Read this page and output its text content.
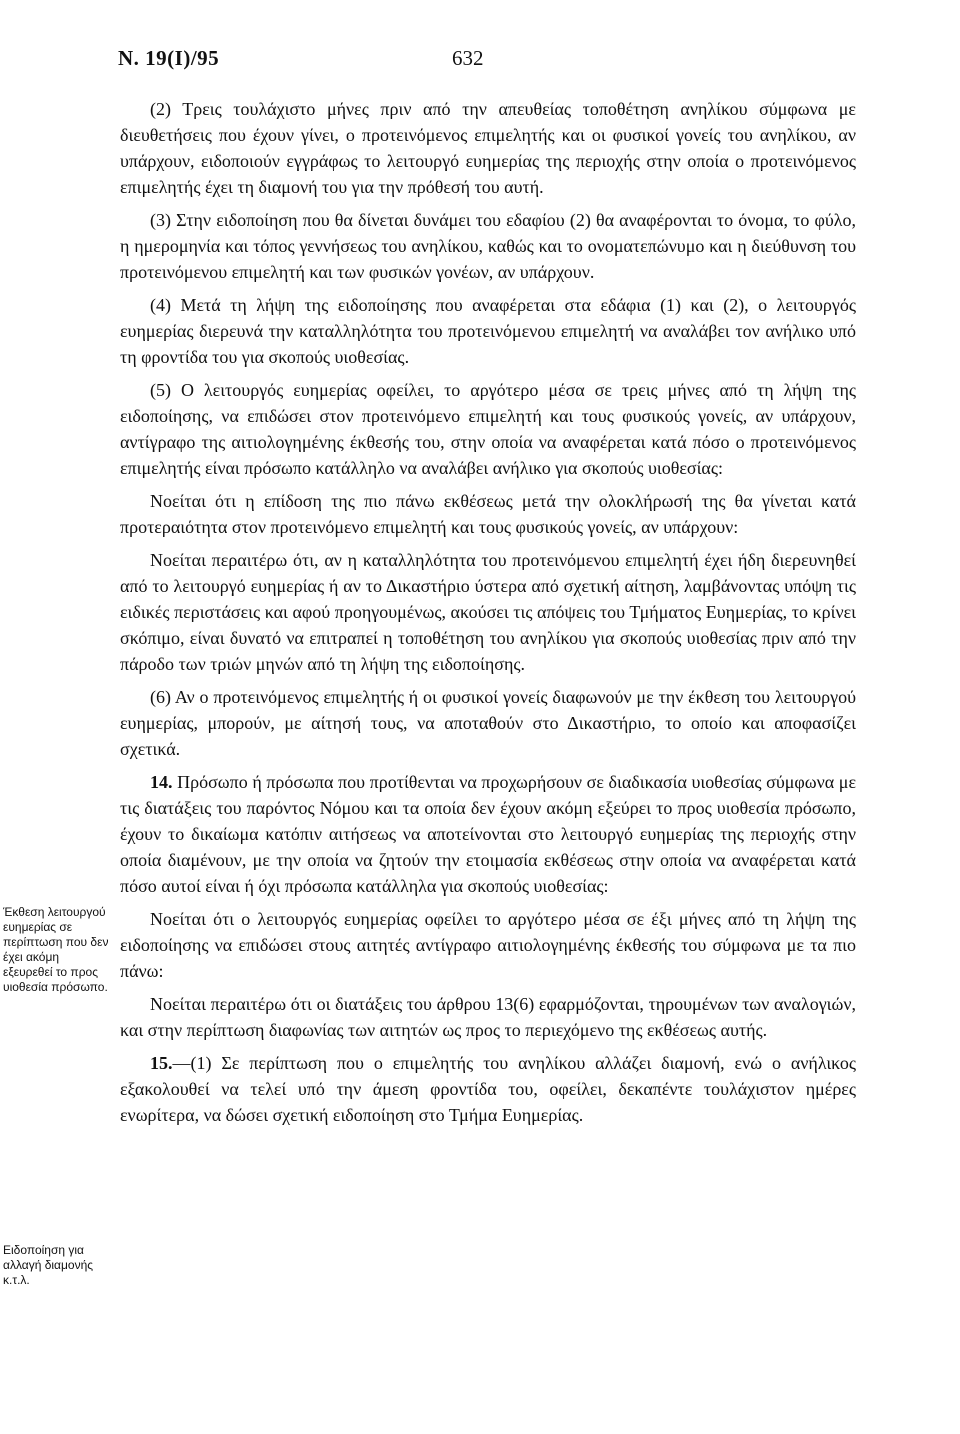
Ν. 19(Ι)/95	632
Έκθεση λειτουργού ευημερίας σε περίπτωση που δεν έχει ακόμη εξευρεθεί το προς υιοθεσία πρόσωπο.
Ειδοποίηση για αλλαγή διαμονής κ.τ.λ.

(2) Τρεις τουλάχιστο μήνες πριν από την απευθείας τοποθέτηση ανηλίκου σύμφωνα με διευθετήσεις που έχουν γίνει, ο προτεινόμενος επιμελητής και οι φυσικοί γονείς του ανηλίκου, αν υπάρχουν, ειδοποιούν εγγράφως το λειτουργό ευημερίας της περιοχής στην οποία ο προτεινόμενος επιμελητής έχει τη διαμονή του για την πρόθεσή του αυτή.

(3) Στην ειδοποίηση που θα δίνεται δυνάμει του εδαφίου (2) θα αναφέρονται το όνομα, το φύλο, η ημερομηνία και τόπος γεννήσεως του ανηλίκου, καθώς και το ονοματεπώνυμο και η διεύθυνση του προτεινόμενου επιμελητή και των φυσικών γονέων, αν υπάρχουν.

(4) Μετά τη λήψη της ειδοποίησης που αναφέρεται στα εδάφια (1) και (2), ο λειτουργός ευημερίας διερευνά την καταλληλότητα του προτεινόμενου επιμελητή να αναλάβει τον ανήλικο υπό τη φροντίδα του για σκοπούς υιοθεσίας.

(5) Ο λειτουργός ευημερίας οφείλει, το αργότερο μέσα σε τρεις μήνες από τη λήψη της ειδοποίησης, να επιδώσει στον προτεινόμενο επιμελητή και τους φυσικούς γονείς, αν υπάρχουν, αντίγραφο της αιτιολογημένης έκθεσής του, στην οποία να αναφέρεται κατά πόσο ο προτεινόμενος επιμελητής είναι πρόσωπο κατάλληλο να αναλάβει ανήλικο για σκοπούς υιοθεσίας:

Νοείται ότι η επίδοση της πιο πάνω εκθέσεως μετά την ολοκλήρωσή της θα γίνεται κατά προτεραιότητα στον προτεινόμενο επιμελητή και τους φυσικούς γονείς, αν υπάρχουν:

Νοείται περαιτέρω ότι, αν η καταλληλότητα του προτεινόμενου επιμελητή έχει ήδη διερευνηθεί από το λειτουργό ευημερίας ή αν το Δικαστήριο ύστερα από σχετική αίτηση, λαμβάνοντας υπόψη τις ειδικές περιστάσεις και αφού προηγουμένως, ακούσει τις απόψεις του Τμήματος Ευημερίας, το κρίνει σκόπιμο, είναι δυνατό να επιτραπεί η τοποθέτηση του ανηλίκου για σκοπούς υιοθεσίας πριν από την πάροδο των τριών μηνών από τη λήψη της ειδοποίησης.

(6) Αν ο προτεινόμενος επιμελητής ή οι φυσικοί γονείς διαφωνούν με την έκθεση του λειτουργού ευημερίας, μπορούν, με αίτησή τους, να αποταθούν στο Δικαστήριο, το οποίο και αποφασίζει σχετικά.

14. Πρόσωπο ή πρόσωπα που προτίθενται να προχωρήσουν σε διαδικασία υιοθεσίας σύμφωνα με τις διατάξεις του παρόντος Νόμου και τα οποία δεν έχουν ακόμη εξεύρει το προς υιοθεσία πρόσωπο, έχουν το δικαίωμα κατόπιν αιτήσεως να αποτείνονται στο λειτουργό ευημερίας της περιοχής στην οποία διαμένουν, με την οποία να ζητούν την ετοιμασία εκθέσεως στην οποία να αναφέρεται κατά πόσο αυτοί είναι ή όχι πρόσωπα κατάλληλα για σκοπούς υιοθεσίας:

Νοείται ότι ο λειτουργός ευημερίας οφείλει το αργότερο μέσα σε έξι μήνες από τη λήψη της ειδοποίησης να επιδώσει στους αιτητές αντίγραφο αιτιολογημένης έκθεσής του σύμφωνα με τα πιο πάνω:

Νοείται περαιτέρω ότι οι διατάξεις του άρθρου 13(6) εφαρμόζονται, τηρουμένων των αναλογιών, και στην περίπτωση διαφωνίας των αιτητών ως προς το περιεχόμενο της εκθέσεως αυτής.

15.—(1) Σε περίπτωση που ο επιμελητής του ανηλίκου αλλάζει διαμονή, ενώ ο ανήλικος εξακολουθεί να τελεί υπό την άμεση φροντίδα του, οφείλει, δεκαπέντε τουλάχιστον ημέρες ενωρίτερα, να δώσει σχετική ειδοποίηση στο Τμήμα Ευημερίας.
